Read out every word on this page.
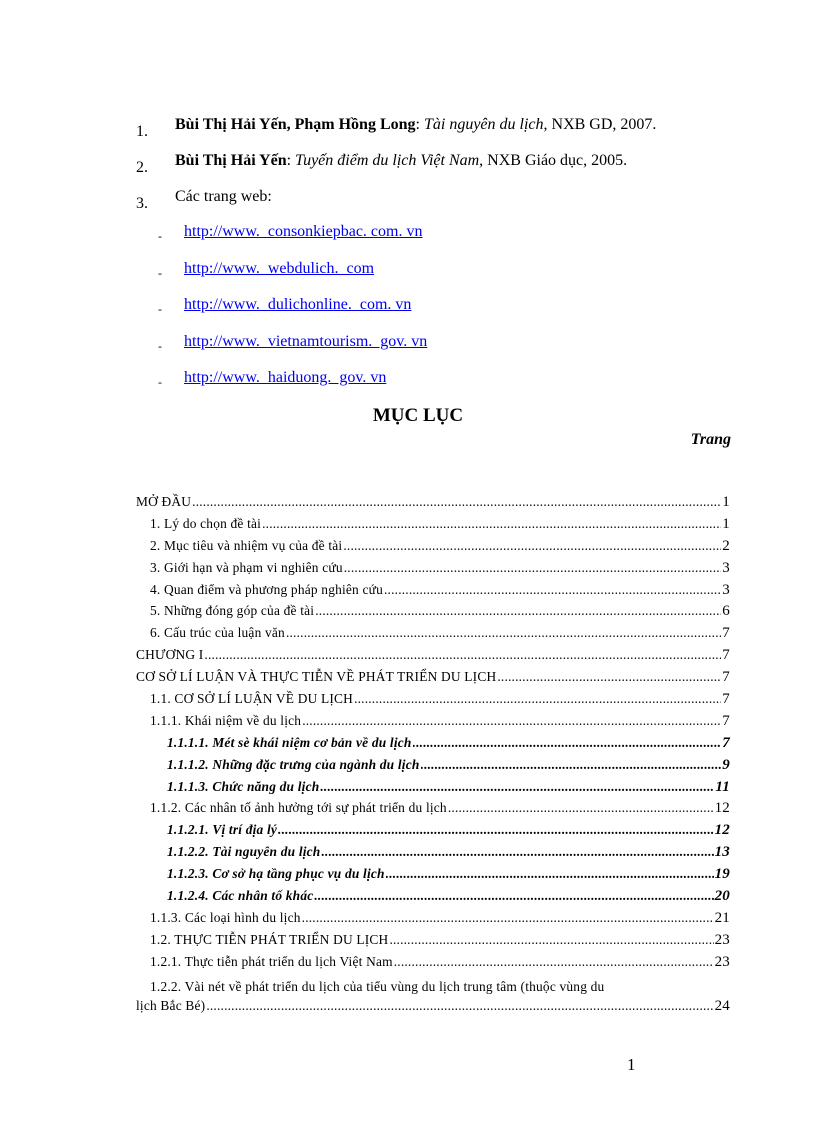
1. Bùi Thị Hải Yến, Phạm Hồng Long: Tài nguyên du lịch, NXB GD, 2007.
2. Bùi Thị Hải Yến: Tuyến điểm du lịch Việt Nam, NXB Giáo dục, 2005.
3. Các trang web:
- http://www.  consonkiepbac. com. vn
- http://www.  webdulich.  com
- http://www.  dulichonline.  com. vn
- http://www.  vietnamtourism.  gov. vn
- http://www.  haiduong.  gov. vn
MỤC LỤC
Trang
MỞ ĐẦU .....	1
1. Lý do chọn đề tài .....	1
2. Mục tiêu và nhiệm vụ của đề tài .....	2
3. Giới hạn và phạm vi nghiên cứu .....	3
4. Quan điểm và phương pháp nghiên cứu .....	3
5. Những đóng góp của đề tài .....	6
6. Cấu trúc của luận văn .....	7
CHƯƠNG I .....	7
CƠ SỞ LÍ LUẬN VÀ THỰC TIỄN VỀ PHÁT TRIỂN DU LỊCH .....	7
1.1. CƠ SỞ LÍ LUẬN VỀ DU LỊCH .....	7
1.1.1. Khái niệm về du lịch .....	7
1.1.1.1. Mét sè khái niệm cơ bản về du lịch .....	7
1.1.1.2. Những đặc trưng của ngành du lịch .....	9
1.1.1.3. Chức năng du lịch .....	11
1.1.2. Các nhân tố ảnh hưởng tới sự phát triển du lịch .....	12
1.1.2.1. Vị trí địa lý .....	12
1.1.2.2. Tài nguyên du lịch .....	13
1.1.2.3. Cơ sở hạ tầng phục vụ du lịch .....	19
1.1.2.4. Các nhân tố khác .....	20
1.1.3. Các loại hình du lịch .....	21
1.2. THỰC TIỄN PHÁT TRIỂN DU LỊCH .....	23
1.2.1. Thực tiễn phát triển du lịch Việt Nam .....	23
1.2.2. Vài nét về phát triển du lịch của tiểu vùng du lịch trung tâm (thuộc vùng du
lịch Bắc Bé) .....	24
1
